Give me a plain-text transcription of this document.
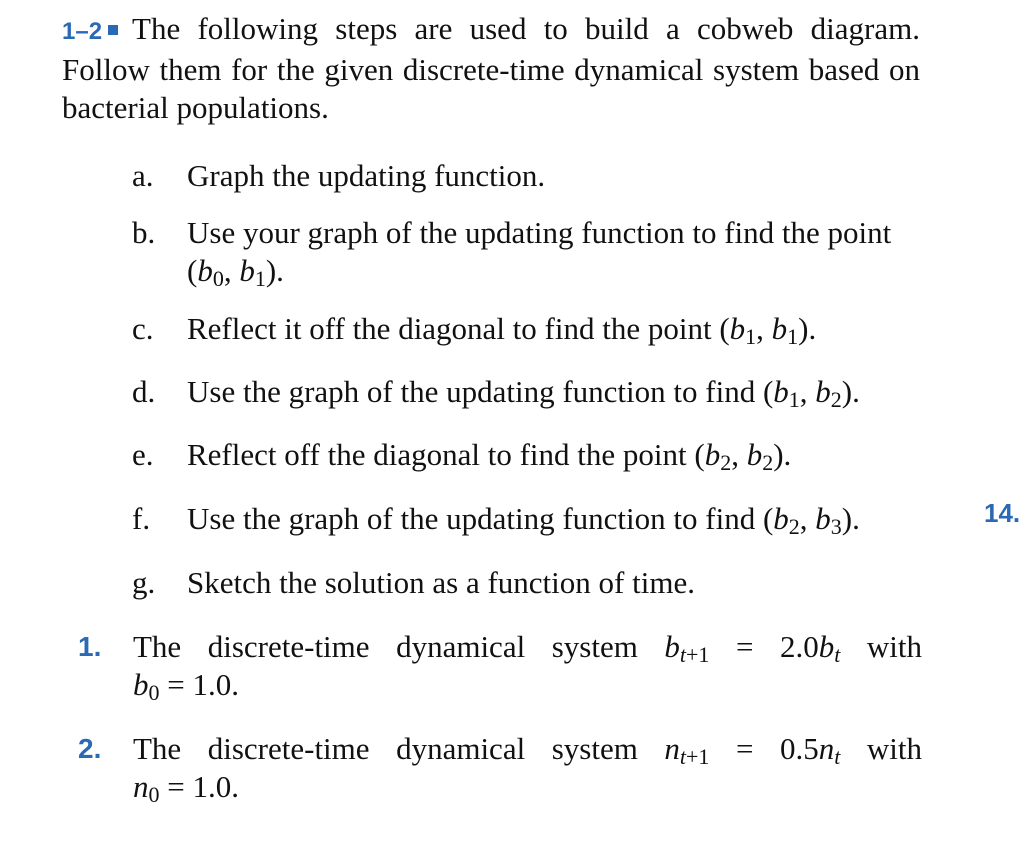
1–2 The following steps are used to build a cobweb diagram. Follow them for the given discrete-time dynamical system based on bacterial populations.
a.	Graph the updating function.
b.	Use your graph of the updating function to find the point
($b_0$, $b_1$).
c.	Reflect it off the diagonal to find the point ($b_1$, $b_1$).
d.	Use the graph of the updating function to find ($b_1$, $b_2$).
e.	Reflect off the diagonal to find the point ($b_2$, $b_2$).
f.	Use the graph of the updating function to find ($b_2$, $b_3$).
g.	Sketch the solution as a function of time.
1. The discrete-time dynamical system $b_{t+1} = 2.0b_t$ with
$b_0 = 1.0$.
2. The discrete-time dynamical system $n_{t+1} = 0.5n_t$ with
$n_0 = 1.0$.
14.
